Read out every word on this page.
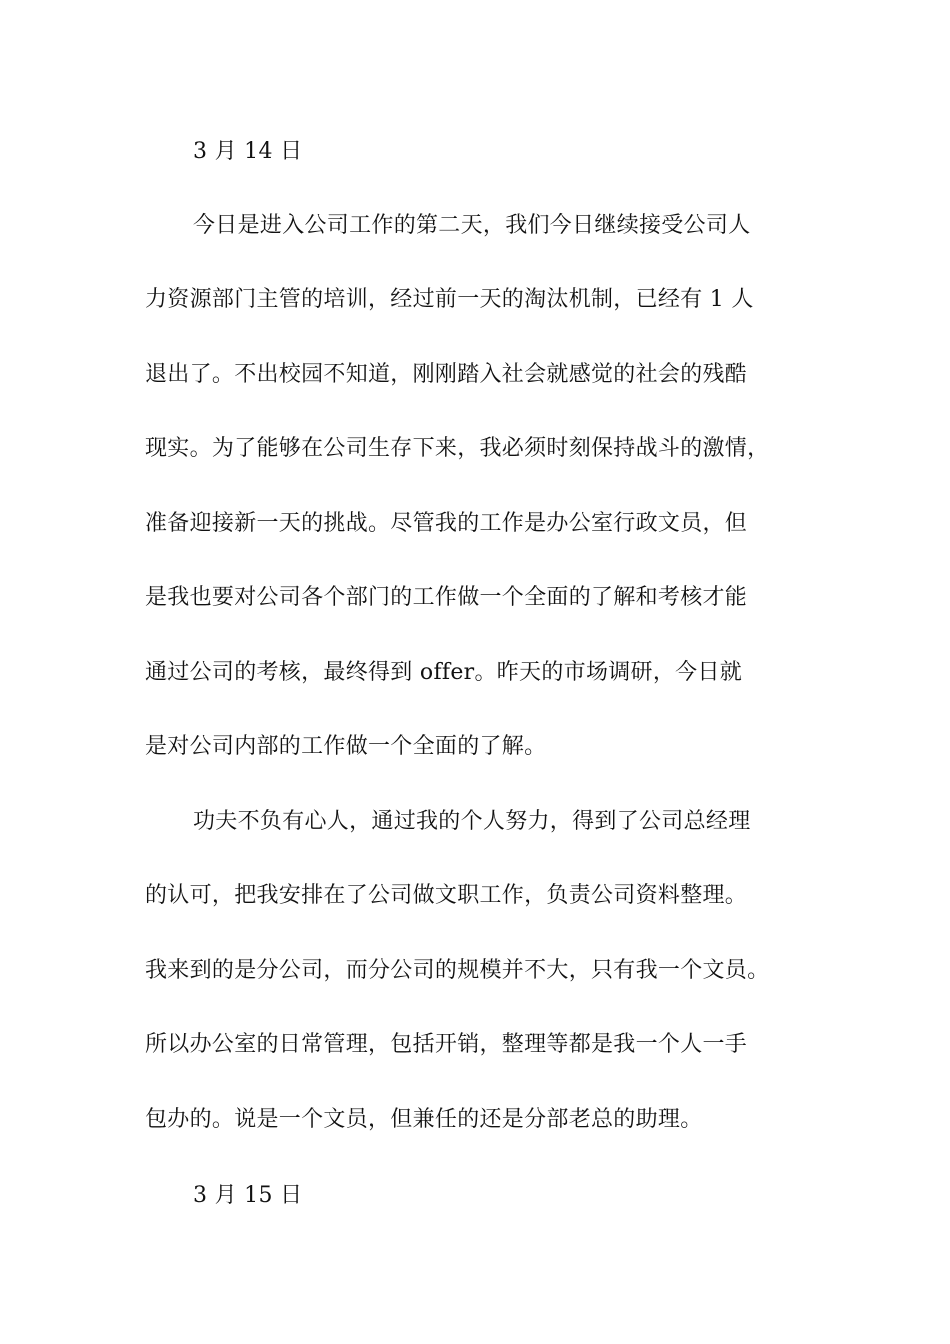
3 月 14 日
今日是进入公司工作的第二天，我们今日继续接受公司人
力资源部门主管的培训，经过前一天的淘汰机制，已经有 1 人
退出了。不出校园不知道，刚刚踏入社会就感觉的社会的残酷
现实。为了能够在公司生存下来，我必须时刻保持战斗的激情，
准备迎接新一天的挑战。尽管我的工作是办公室行政文员，但
是我也要对公司各个部门的工作做一个全面的了解和考核才能
通过公司的考核，最终得到 offer。昨天的市场调研，今日就
是对公司内部的工作做一个全面的了解。
功夫不负有心人，通过我的个人努力，得到了公司总经理
的认可，把我安排在了公司做文职工作，负责公司资料整理。
我来到的是分公司，而分公司的规模并不大，只有我一个文员。
所以办公室的日常管理，包括开销，整理等都是我一个人一手
包办的。说是一个文员，但兼任的还是分部老总的助理。
3 月 15 日
